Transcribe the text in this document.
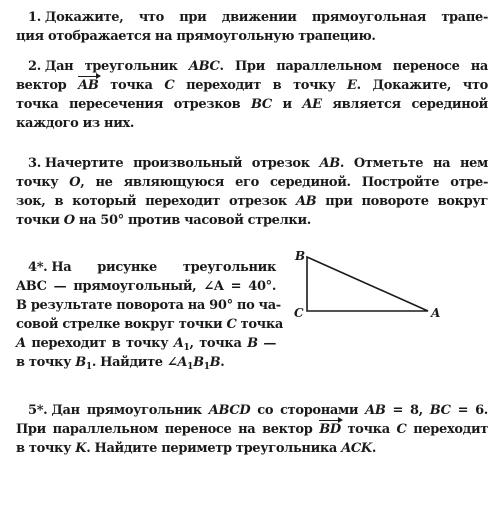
1. Докажите, что при движении прямоугольная трапе-

ция отображается на прямоугольную трапецию.

2. Дан треугольник ABC. При параллельном переносе на

вектор AB точка C переходит в точку E. Докажите, что

точка пересечения отрезков BC и AE является серединой

каждого из них.

3. Начертите произвольный отрезок AB. Отметьте на нем

точку O, не являющуюся его серединой. Постройте отре-

зок, в который переходит отрезок AB при повороте вокруг

точки O на 50° против часовой стрелки.

4*. На рисунке треугольник

ABC — прямоугольный, ∠A = 40°.

В результате поворота на 90° по ча-

совой стрелке вокруг точки C точка

A переходит в точку $A_1$, точка B —

в точку $B_1$. Найдите $\angle A_1B_1B$.

B
C	A

5*. Дан прямоугольник ABCD со сторонами AB = 8, BC = 6.

При параллельном переносе на вектор BD точка C переходит

в точку K. Найдите периметр треугольника ACK.
